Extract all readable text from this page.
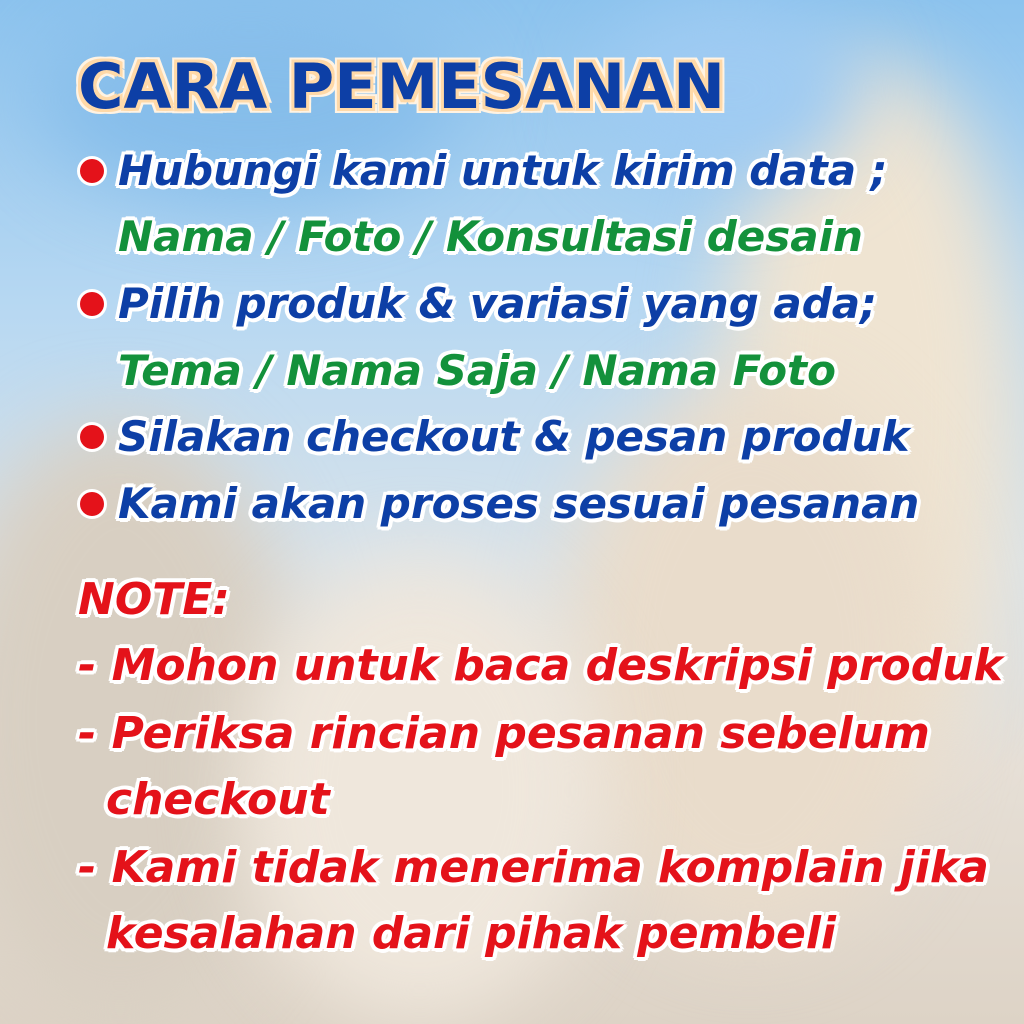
CARA PEMESANAN
Hubungi kami untuk kirim data ;
Nama / Foto / Konsultasi desain
Pilih produk & variasi yang ada;
Tema / Nama Saja / Nama Foto
Silakan checkout & pesan produk
Kami akan proses sesuai pesanan
NOTE:
- Mohon untuk baca deskripsi produk
- Periksa rincian pesanan sebelum
checkout
- Kami tidak menerima komplain jika
kesalahan dari pihak pembeli
